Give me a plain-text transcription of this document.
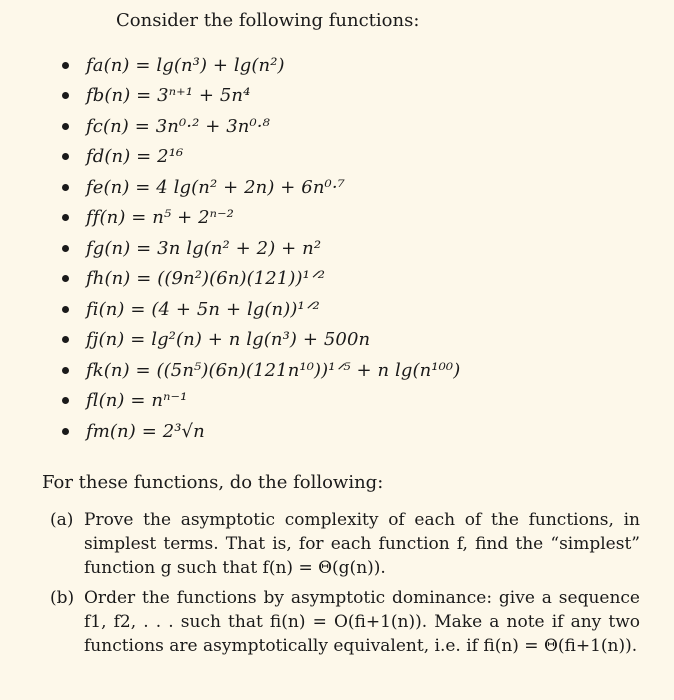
Consider the following functions:
fa(n) = lg(n³) + lg(n²)
fb(n) = 3ⁿ⁺¹ + 5n⁴
fc(n) = 3n⁰·² + 3n⁰·⁸
fd(n) = 2¹⁶
fe(n) = 4 lg(n² + 2n) + 6n⁰·⁷
ff(n) = n⁵ + 2ⁿ⁻²
fg(n) = 3n lg(n² + 2) + n²
fh(n) = ((9n²)(6n)(121))¹ᐟ²
fi(n) = (4 + 5n + lg(n))¹ᐟ²
fj(n) = lg²(n) + n lg(n³) + 500n
fk(n) = ((5n⁵)(6n)(121n¹⁰))¹ᐟ⁵ + n lg(n¹⁰⁰)
fl(n) = nⁿ⁻¹
fm(n) = 2³√n
For these functions, do the following:
(a) Prove the asymptotic complexity of each of the functions, in simplest terms. That is, for each function f, find the “simplest” function g such that f(n) = Θ(g(n)).
(b) Order the functions by asymptotic dominance: give a sequence f1, f2, . . . such that fi(n) = O(fi+1(n)). Make a note if any two functions are asymptotically equivalent, i.e. if fi(n) = Θ(fi+1(n)).
